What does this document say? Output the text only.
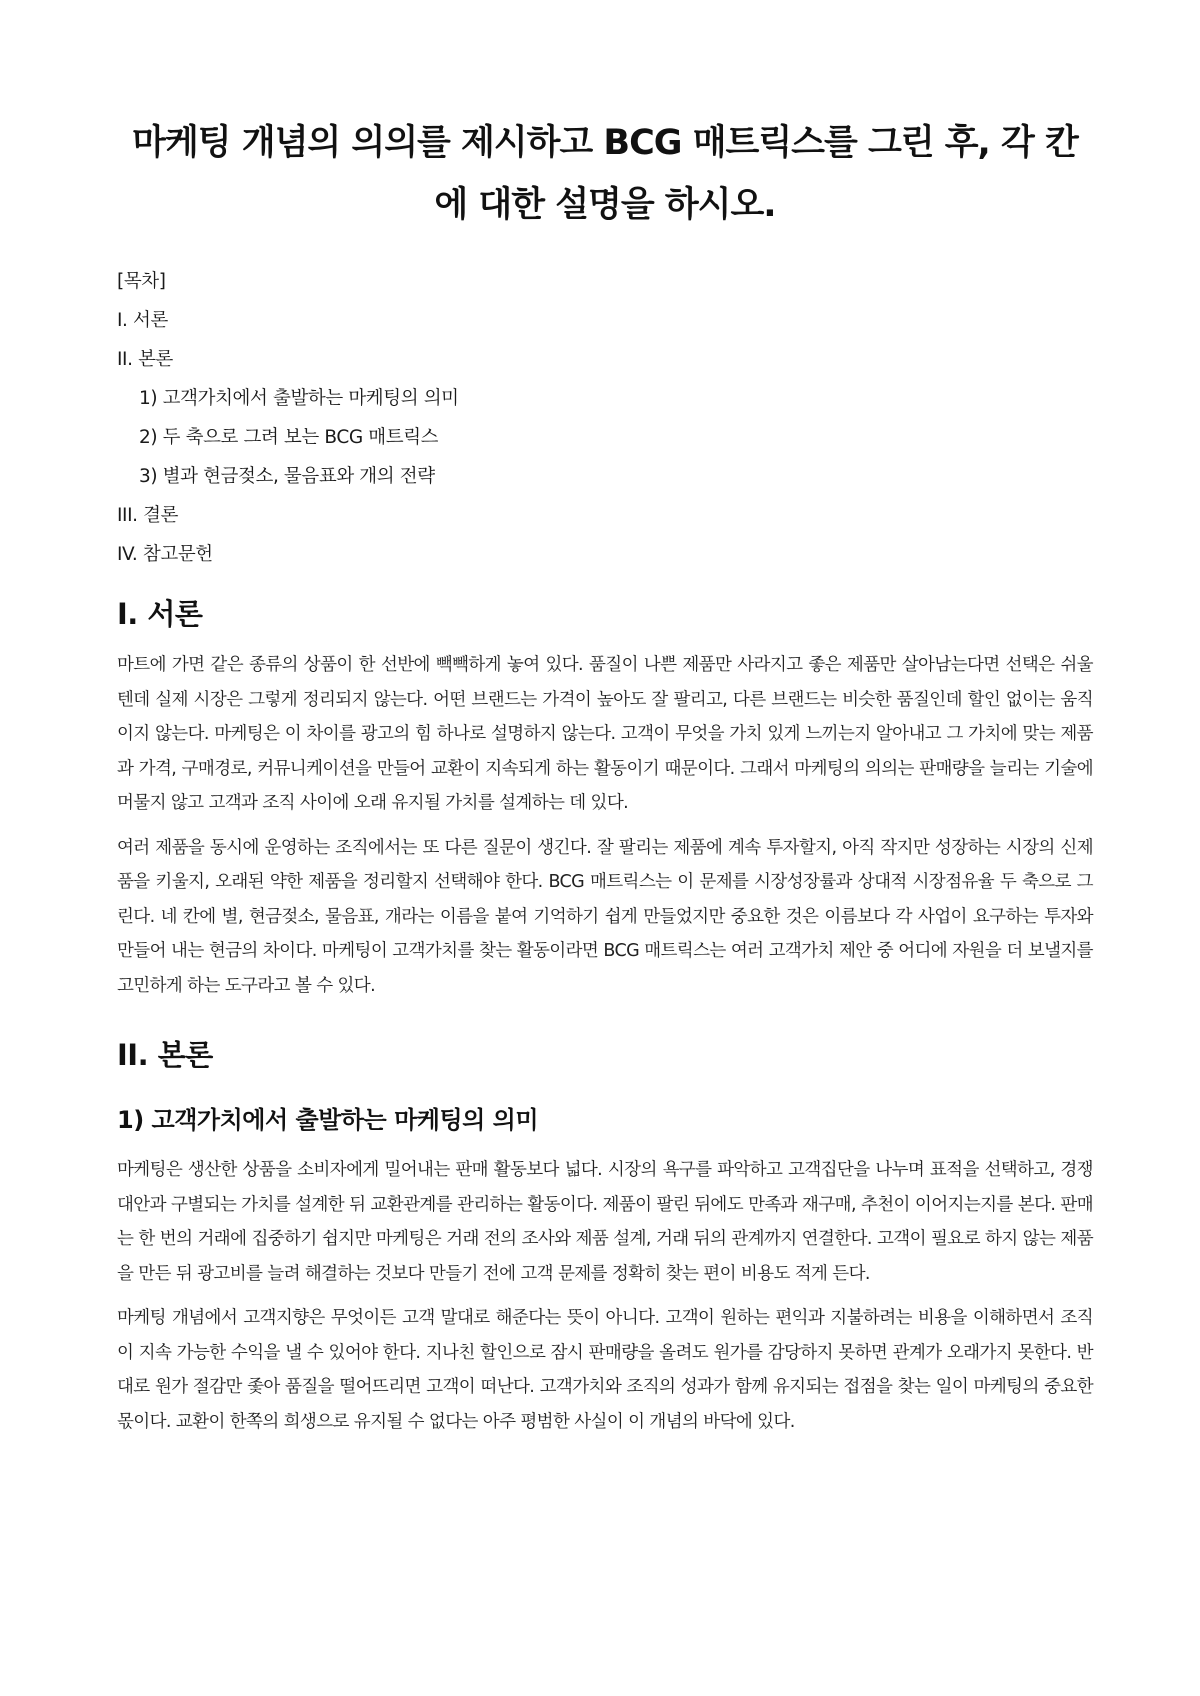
마케팅 개념의 의의를 제시하고 BCG 매트릭스를 그린 후, 각 칸에 대한 설명을 하시오.
[목차]
I. 서론
II. 본론
1) 고객가치에서 출발하는 마케팅의 의미
2) 두 축으로 그려 보는 BCG 매트릭스
3) 별과 현금젖소, 물음표와 개의 전략
III. 결론
IV. 참고문헌
I. 서론

마트에 가면 같은 종류의 상품이 한 선반에 빽빽하게 놓여 있다. 품질이 나쁜 제품만 사라지고 좋은 제품만 살아남는다면 선택은 쉬울 텐데 실제 시장은 그렇게 정리되지 않는다. 어떤 브랜드는 가격이 높아도 잘 팔리고, 다른 브랜드는 비슷한 품질인데 할인 없이는 움직이지 않는다. 마케팅은 이 차이를 광고의 힘 하나로 설명하지 않는다. 고객이 무엇을 가치 있게 느끼는지 알아내고 그 가치에 맞는 제품과 가격, 구매경로, 커뮤니케이션을 만들어 교환이 지속되게 하는 활동이기 때문이다. 그래서 마케팅의 의의는 판매량을 늘리는 기술에 머물지 않고 고객과 조직 사이에 오래 유지될 가치를 설계하는 데 있다.

여러 제품을 동시에 운영하는 조직에서는 또 다른 질문이 생긴다. 잘 팔리는 제품에 계속 투자할지, 아직 작지만 성장하는 시장의 신제품을 키울지, 오래된 약한 제품을 정리할지 선택해야 한다. BCG 매트릭스는 이 문제를 시장성장률과 상대적 시장점유율 두 축으로 그린다. 네 칸에 별, 현금젖소, 물음표, 개라는 이름을 붙여 기억하기 쉽게 만들었지만 중요한 것은 이름보다 각 사업이 요구하는 투자와 만들어 내는 현금의 차이다. 마케팅이 고객가치를 찾는 활동이라면 BCG 매트릭스는 여러 고객가치 제안 중 어디에 자원을 더 보낼지를 고민하게 하는 도구라고 볼 수 있다.

II. 본론
1) 고객가치에서 출발하는 마케팅의 의미

마케팅은 생산한 상품을 소비자에게 밀어내는 판매 활동보다 넓다. 시장의 욕구를 파악하고 고객집단을 나누며 표적을 선택하고, 경쟁 대안과 구별되는 가치를 설계한 뒤 교환관계를 관리하는 활동이다. 제품이 팔린 뒤에도 만족과 재구매, 추천이 이어지는지를 본다. 판매는 한 번의 거래에 집중하기 쉽지만 마케팅은 거래 전의 조사와 제품 설계, 거래 뒤의 관계까지 연결한다. 고객이 필요로 하지 않는 제품을 만든 뒤 광고비를 늘려 해결하는 것보다 만들기 전에 고객 문제를 정확히 찾는 편이 비용도 적게 든다.

마케팅 개념에서 고객지향은 무엇이든 고객 말대로 해준다는 뜻이 아니다. 고객이 원하는 편익과 지불하려는 비용을 이해하면서 조직이 지속 가능한 수익을 낼 수 있어야 한다. 지나친 할인으로 잠시 판매량을 올려도 원가를 감당하지 못하면 관계가 오래가지 못한다. 반대로 원가 절감만 좇아 품질을 떨어뜨리면 고객이 떠난다. 고객가치와 조직의 성과가 함께 유지되는 접점을 찾는 일이 마케팅의 중요한 몫이다. 교환이 한쪽의 희생으로 유지될 수 없다는 아주 평범한 사실이 이 개념의 바닥에 있다.
